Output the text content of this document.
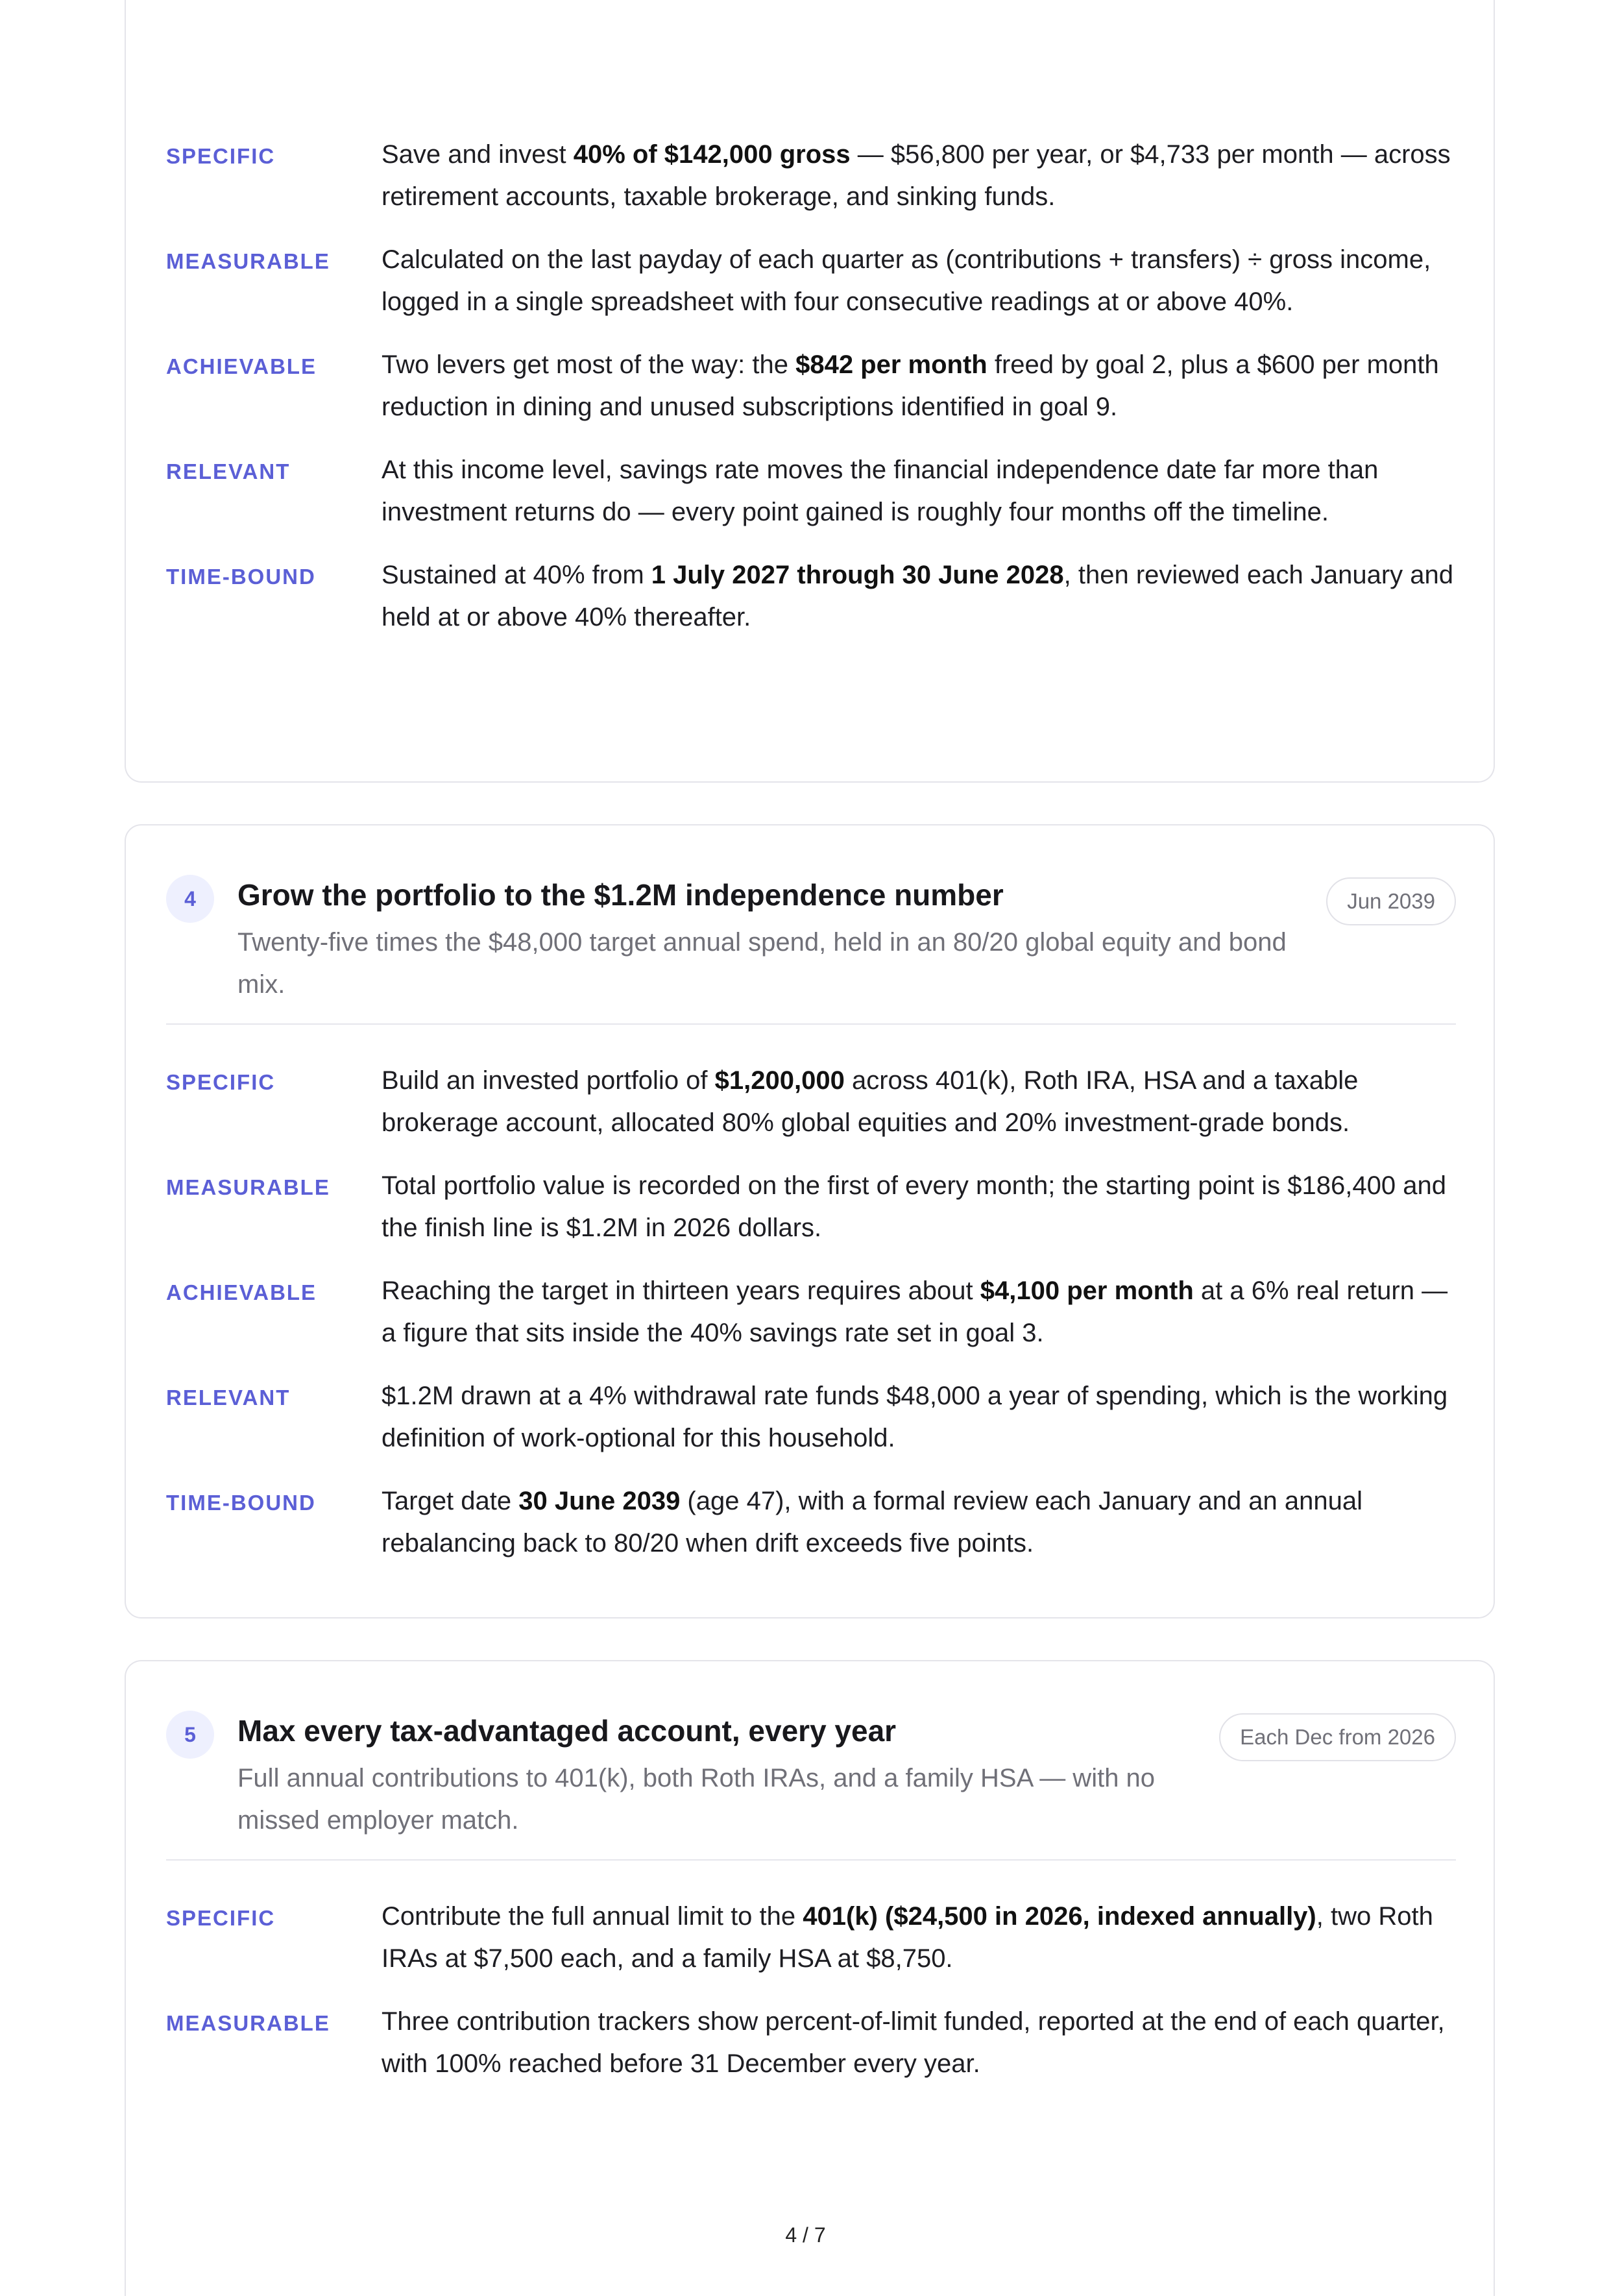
SPECIFIC	Save and invest 40% of $142,000 gross — $56,800 per year, or $4,733 per month — across retirement accounts, taxable brokerage, and sinking funds.
MEASURABLE	Calculated on the last payday of each quarter as (contributions + transfers) ÷ gross income, logged in a single spreadsheet with four consecutive readings at or above 40%.
ACHIEVABLE	Two levers get most of the way: the $842 per month freed by goal 2, plus a $600 per month reduction in dining and unused subscriptions identified in goal 9.
RELEVANT	At this income level, savings rate moves the financial independence date far more than investment returns do — every point gained is roughly four months off the timeline.
TIME-BOUND	Sustained at 40% from 1 July 2027 through 30 June 2028, then reviewed each January and held at or above 40% thereafter.
4	Grow the portfolio to the $1.2M independence number
Twenty-five times the $48,000 target annual spend, held in an 80/20 global equity and bond mix.
Jun 2039
SPECIFIC	Build an invested portfolio of $1,200,000 across 401(k), Roth IRA, HSA and a taxable brokerage account, allocated 80% global equities and 20% investment-grade bonds.
MEASURABLE	Total portfolio value is recorded on the first of every month; the starting point is $186,400 and the finish line is $1.2M in 2026 dollars.
ACHIEVABLE	Reaching the target in thirteen years requires about $4,100 per month at a 6% real return — a figure that sits inside the 40% savings rate set in goal 3.
RELEVANT	$1.2M drawn at a 4% withdrawal rate funds $48,000 a year of spending, which is the working definition of work-optional for this household.
TIME-BOUND	Target date 30 June 2039 (age 47), with a formal review each January and an annual rebalancing back to 80/20 when drift exceeds five points.
5	Max every tax-advantaged account, every year
Full annual contributions to 401(k), both Roth IRAs, and a family HSA — with no missed employer match.
Each Dec from 2026
SPECIFIC	Contribute the full annual limit to the 401(k) ($24,500 in 2026, indexed annually), two Roth IRAs at $7,500 each, and a family HSA at $8,750.
MEASURABLE	Three contribution trackers show percent-of-limit funded, reported at the end of each quarter, with 100% reached before 31 December every year.
4 / 7
